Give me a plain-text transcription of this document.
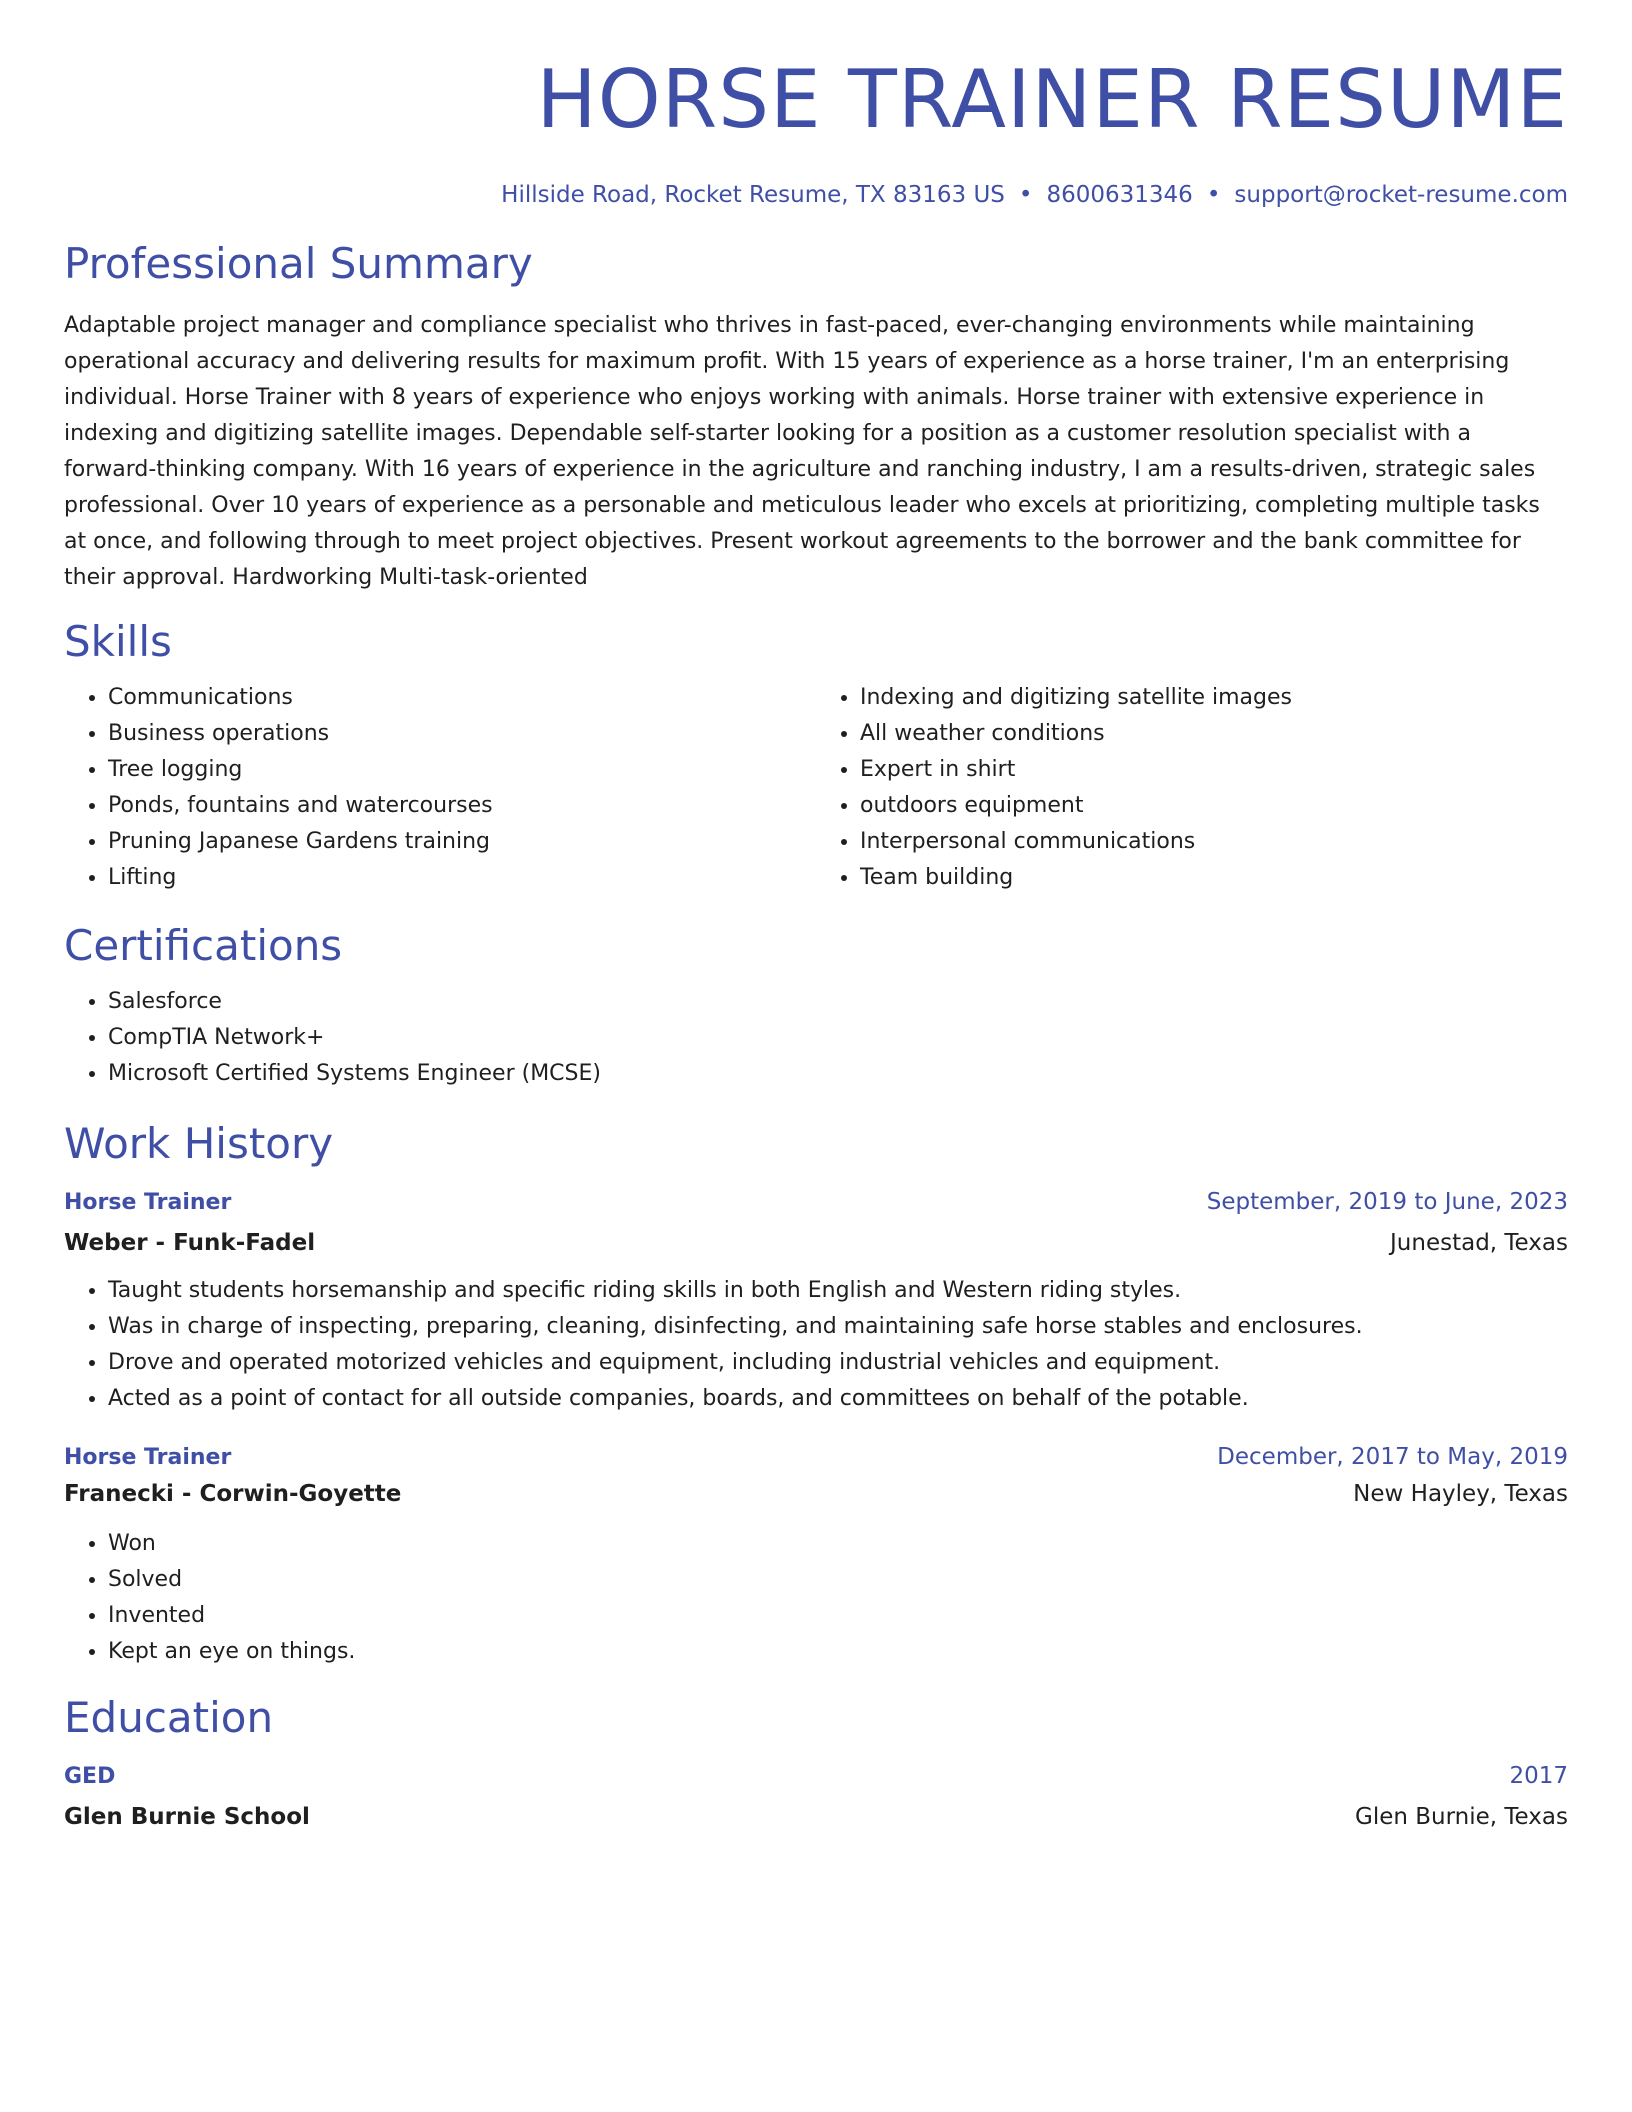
HORSE TRAINER RESUME
Hillside Road, Rocket Resume, TX 83163 US • 8600631346 • support@rocket-resume.com
Professional Summary

Adaptable project manager and compliance specialist who thrives in fast-paced, ever-changing environments while maintaining operational accuracy and delivering results for maximum profit. With 15 years of experience as a horse trainer, I'm an enterprising individual. Horse Trainer with 8 years of experience who enjoys working with animals. Horse trainer with extensive experience in indexing and digitizing satellite images. Dependable self-starter looking for a position as a customer resolution specialist with a forward-thinking company. With 16 years of experience in the agriculture and ranching industry, I am a results-driven, strategic sales professional. Over 10 years of experience as a personable and meticulous leader who excels at prioritizing, completing multiple tasks at once, and following through to meet project objectives. Present workout agreements to the borrower and the bank committee for their approval. Hardworking Multi-task-oriented

Skills
• Communications
• Business operations
• Tree logging
• Ponds, fountains and watercourses
• Pruning Japanese Gardens training
• Lifting
• Indexing and digitizing satellite images
• All weather conditions
• Expert in shirt
• outdoors equipment
• Interpersonal communications
• Team building
Certifications
• Salesforce
• CompTIA Network+
• Microsoft Certified Systems Engineer (MCSE)
Work History
Horse Trainer	September, 2019 to June, 2023
Weber - Funk-Fadel	Junestad, Texas
• Taught students horsemanship and specific riding skills in both English and Western riding styles.
• Was in charge of inspecting, preparing, cleaning, disinfecting, and maintaining safe horse stables and enclosures.
• Drove and operated motorized vehicles and equipment, including industrial vehicles and equipment.
• Acted as a point of contact for all outside companies, boards, and committees on behalf of the potable.
Horse Trainer	December, 2017 to May, 2019
Franecki - Corwin-Goyette	New Hayley, Texas
• Won
• Solved
• Invented
• Kept an eye on things.
Education
GED	2017
Glen Burnie School	Glen Burnie, Texas
